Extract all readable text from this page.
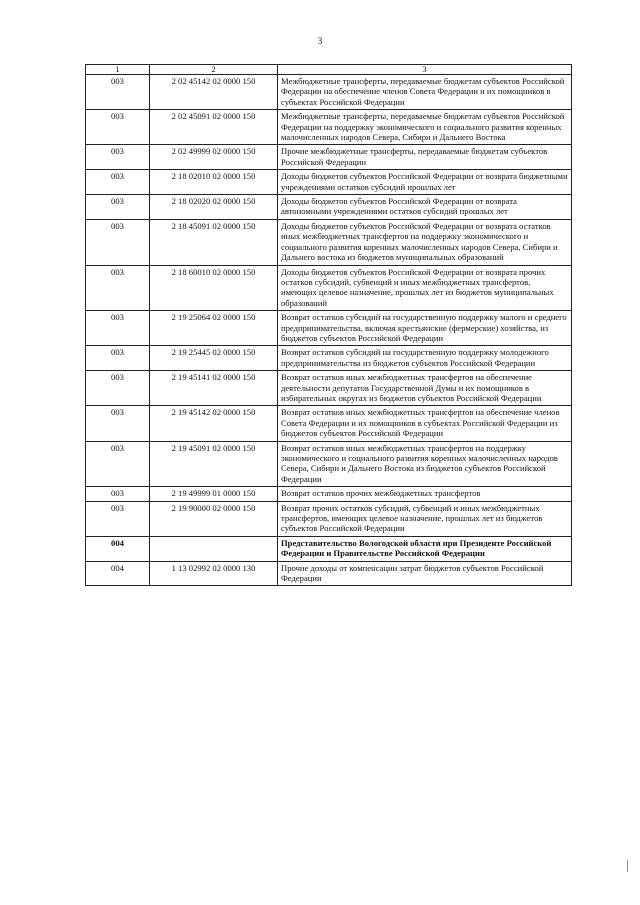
3
1	2	3
003	2 02 45142 02 0000 150	Межбюджетные трансферты, передаваемые бюджетам субъектов Российской Федерации на обеспечение членов Совета Федерации и их помощников в субъектах Российской Федерации
003	2 02 45091 02 0000 150	Межбюджетные трансферты, передаваемые бюджетам субъектов Российской Федерации на поддержку экономического и социального развития коренных малочисленных народов Севера, Сибири и Дальнего Востока
003	2 02 49999 02 0000 150	Прочие межбюджетные трансферты, передаваемые бюджетам субъектов Российской Федерации
003	2 18 02010 02 0000 150	Доходы бюджетов субъектов Российской Федерации от возврата бюджетными учреждениями остатков субсидий прошлых лет
003	2 18 02020 02 0000 150	Доходы бюджетов субъектов Российской Федерации от возврата автономными учреждениями остатков субсидий прошлых лет
003	2 18 45091 02 0000 150	Доходы бюджетов субъектов Российской Федерации от возврата остатков иных межбюджетных трансфертов на поддержку экономического и социального развития коренных малочисленных народов Севера, Сибири и Дальнего востока из бюджетов муниципальных образований
003	2 18 60010 02 0000 150	Доходы бюджетов субъектов Российской Федерации от возврата прочих остатков субсидий, субвенций и иных межбюджетных трансфертов, имеющих целевое назначение, прошлых лет из бюджетов муниципальных образований
003	2 19 25064 02 0000 150	Возврат остатков субсидий на государственную поддержку малого и среднего предпринимательства, включая крестьянские (фермерские) хозяйства, из бюджетов субъектов Российской Федерации
003	2 19 25445 02 0000 150	Возврат остатков субсидий на государственную поддержку молодежного предпринимательства из бюджетов субъектов Российской Федерации
003	2 19 45141 02 0000 150	Возврат остатков иных межбюджетных трансфертов на обеспечение деятельности депутатов Государственной Думы и их помощников в избирательных округах из бюджетов субъектов Российской Федерации
003	2 19 45142 02 0000 150	Возврат остатков иных межбюджетных трансфертов на обеспечение членов Совета Федерации и их помощников в субъектах Российской Федерации из бюджетов субъектов Российской Федерации
003	2 19 45091 02 0000 150	Возврат остатков иных межбюджетных трансфертов на поддержку экономического и социального развития коренных малочисленных народов Севера, Сибири и Дальнего Востока из бюджетов субъектов Российской Федерации
003	2 19 49999 01 0000 150	Возврат остатков прочих межбюджетных трансфертов
003	2 19 90000 02 0000 150	Возврат прочих остатков субсидий, субвенций и иных межбюджетных трансфертов, имеющих целевое назначение, прошлых лет из бюджетов субъектов Российской Федерации
004		Представительство Вологодской области при Президенте Российской Федерации и Правительстве Российской Федерации
004	1 13 02992 02 0000 130	Прочие доходы от компенсации затрат бюджетов субъектов Российской Федерации
